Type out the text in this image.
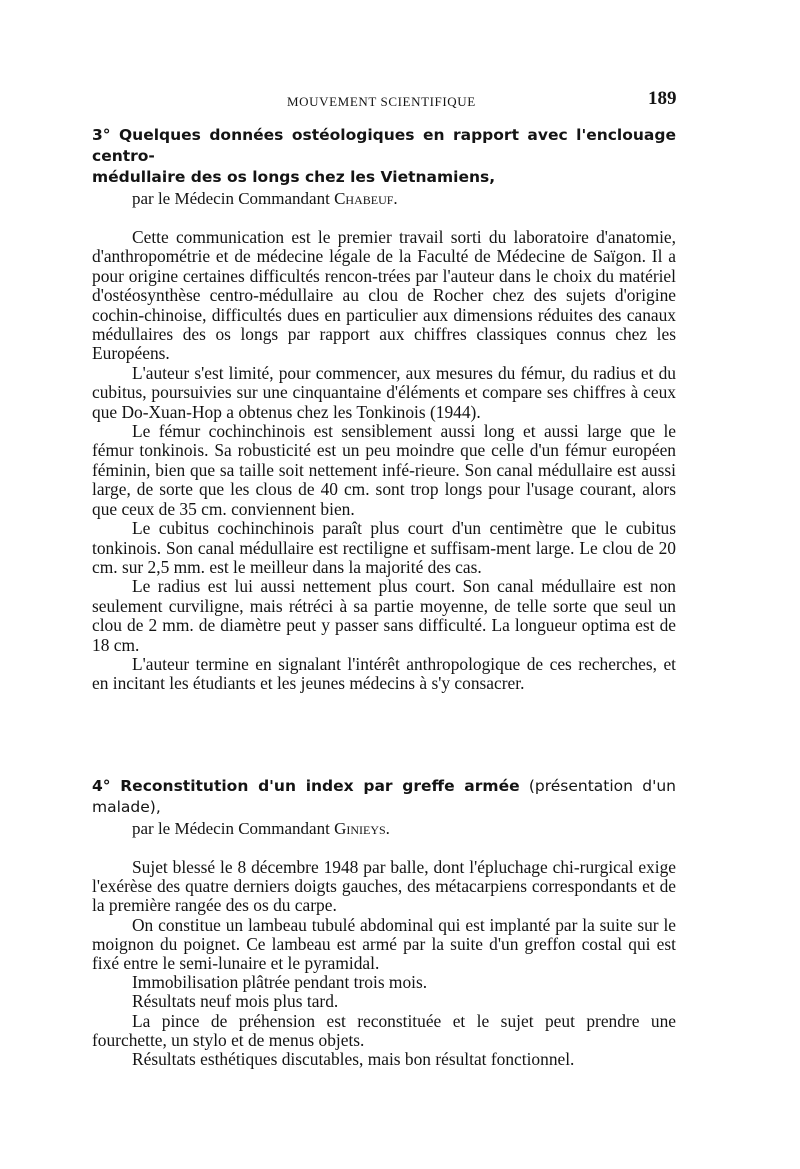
MOUVEMENT SCIENTIFIQUE	189
3° Quelques données ostéologiques en rapport avec l'enclouage centro-
médullaire des os longs chez les Vietnamiens,
par le Médecin Commandant Chabeuf.

Cette communication est le premier travail sorti du laboratoire d'anatomie, d'anthropométrie et de médecine légale de la Faculté de Médecine de Saïgon. Il a pour origine certaines difficultés rencon-trées par l'auteur dans le choix du matériel d'ostéosynthèse centro-médullaire au clou de Rocher chez des sujets d'origine cochin-chinoise, difficultés dues en particulier aux dimensions réduites des canaux médullaires des os longs par rapport aux chiffres classiques connus chez les Européens.

L'auteur s'est limité, pour commencer, aux mesures du fémur, du radius et du cubitus, poursuivies sur une cinquantaine d'éléments et compare ses chiffres à ceux que Do-Xuan-Hop a obtenus chez les Tonkinois (1944).

Le fémur cochinchinois est sensiblement aussi long et aussi large que le fémur tonkinois. Sa robusticité est un peu moindre que celle d'un fémur européen féminin, bien que sa taille soit nettement infé-rieure. Son canal médullaire est aussi large, de sorte que les clous de 40 cm. sont trop longs pour l'usage courant, alors que ceux de 35 cm. conviennent bien.

Le cubitus cochinchinois paraît plus court d'un centimètre que le cubitus tonkinois. Son canal médullaire est rectiligne et suffisam-ment large. Le clou de 20 cm. sur 2,5 mm. est le meilleur dans la majorité des cas.

Le radius est lui aussi nettement plus court. Son canal médullaire est non seulement curviligne, mais rétréci à sa partie moyenne, de telle sorte que seul un clou de 2 mm. de diamètre peut y passer sans difficulté. La longueur optima est de 18 cm.

L'auteur termine en signalant l'intérêt anthropologique de ces recherches, et en incitant les étudiants et les jeunes médecins à s'y consacrer.

4° Reconstitution d'un index par greffe armée (présentation d'un malade),
par le Médecin Commandant Ginieys.

Sujet blessé le 8 décembre 1948 par balle, dont l'épluchage chi-rurgical exige l'exérèse des quatre derniers doigts gauches, des métacarpiens correspondants et de la première rangée des os du carpe.

On constitue un lambeau tubulé abdominal qui est implanté par la suite sur le moignon du poignet. Ce lambeau est armé par la suite d'un greffon costal qui est fixé entre le semi-lunaire et le pyramidal.

Immobilisation plâtrée pendant trois mois.

Résultats neuf mois plus tard.

La pince de préhension est reconstituée et le sujet peut prendre une fourchette, un stylo et de menus objets.

Résultats esthétiques discutables, mais bon résultat fonctionnel.
